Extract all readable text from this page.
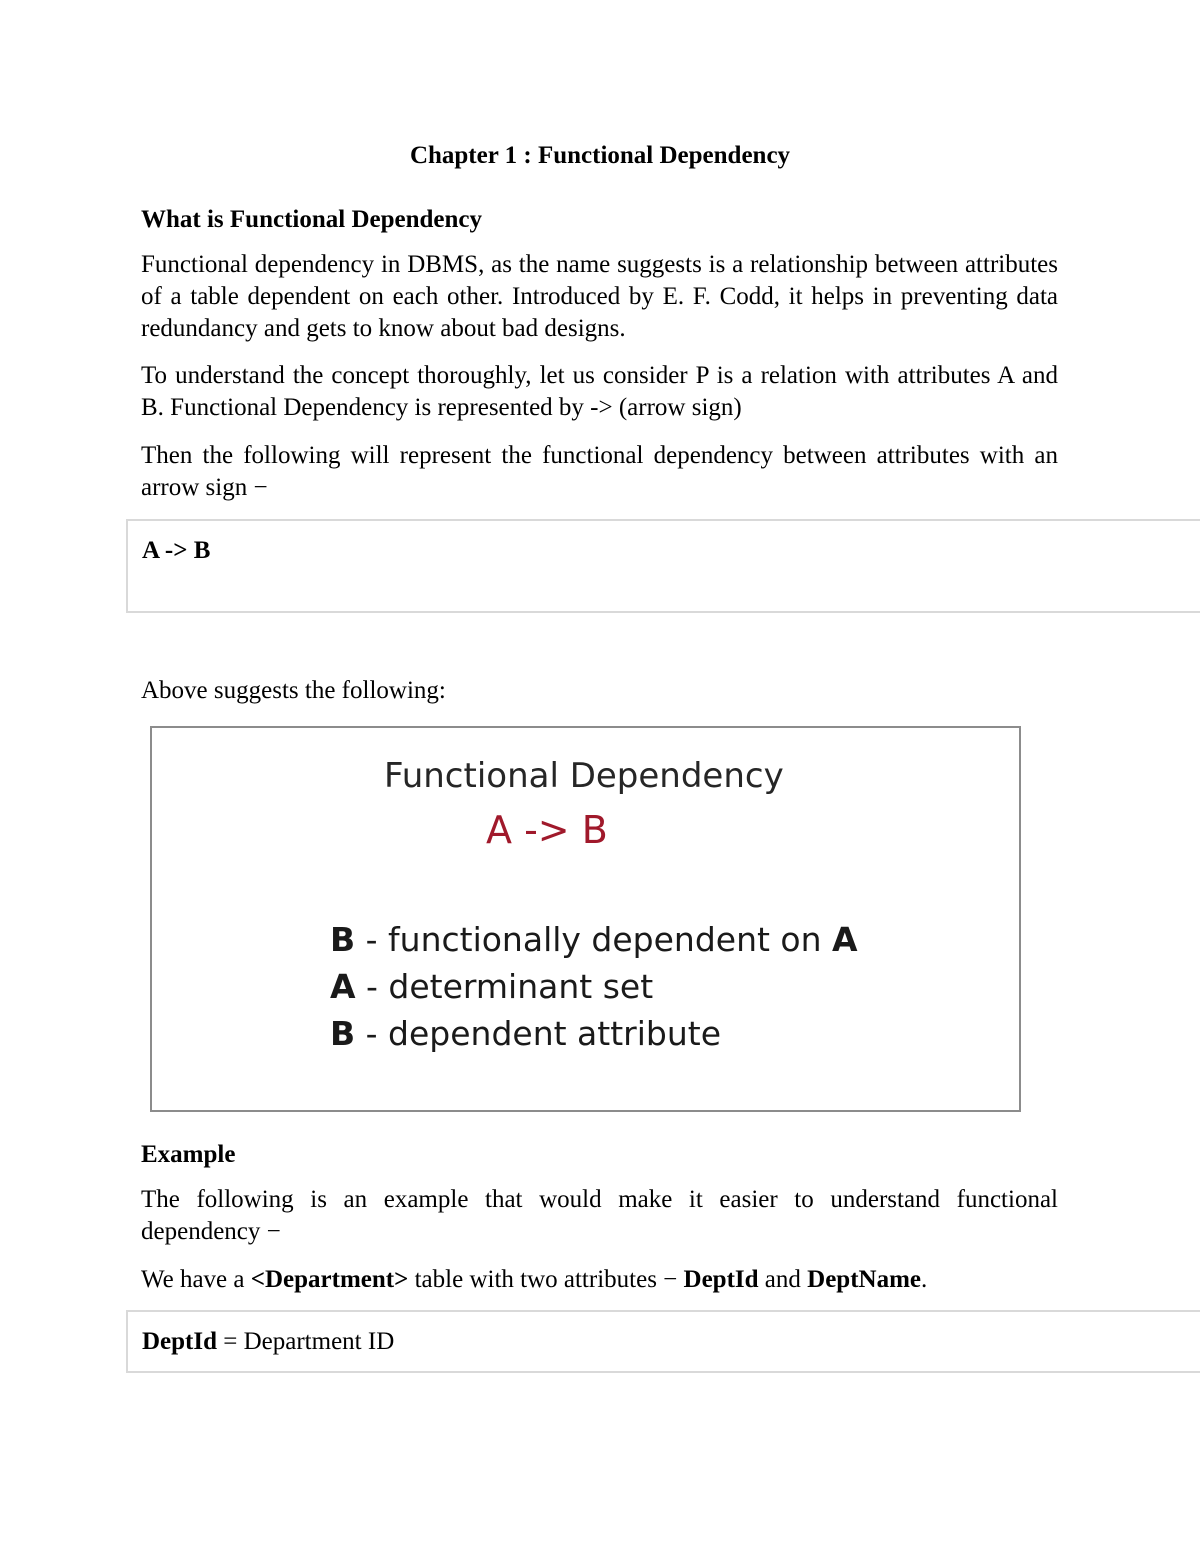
Chapter 1 : Functional Dependency
What is Functional Dependency

Functional dependency in DBMS, as the name suggests is a relationship between attributes of a table dependent on each other. Introduced by E. F. Codd, it helps in preventing data redundancy and gets to know about bad designs.

To understand the concept thoroughly, let us consider P is a relation with attributes A and B. Functional Dependency is represented by -> (arrow sign)

Then the following will represent the functional dependency between attributes with an arrow sign −

A -> B

Above suggests the following:

Functional Dependency
A -> B
B - functionally dependent on A
A - determinant set
B - dependent attribute
Example

The following is an example that would make it easier to understand functional dependency −

We have a <Department> table with two attributes − DeptId and DeptName.

DeptId = Department ID
